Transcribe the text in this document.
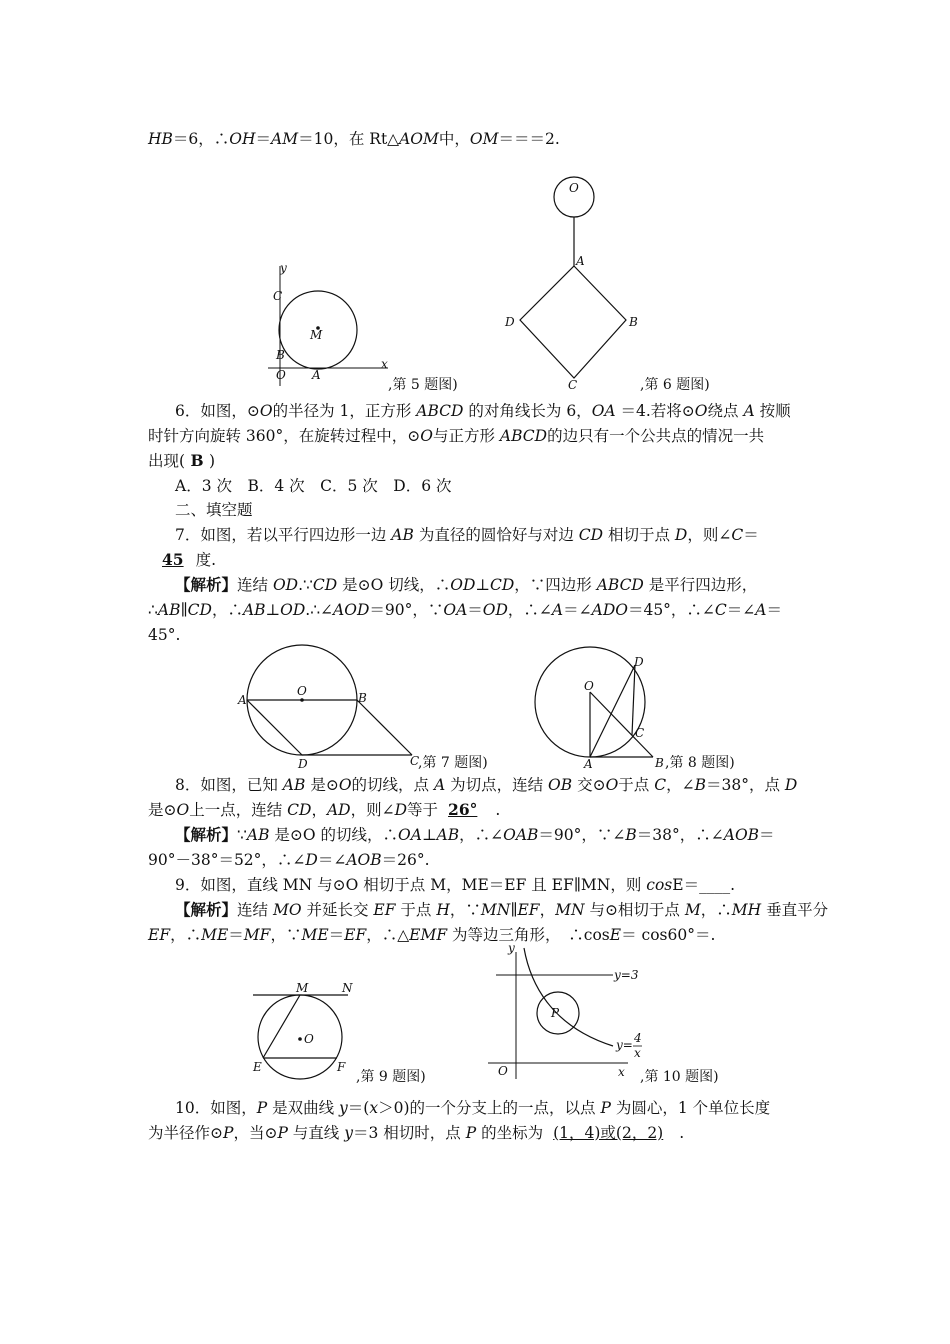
HB＝6，∴OH＝AM＝10，在 Rt△AOM中，OM＝＝＝2.
y
x
C
M
B
O A
,第 5 题图)
O
A
B
C
D
,第 6 题图)
6．如图，⊙O的半径为 1，正方形 ABCD 的对角线长为 6，OA ＝4.若将⊙O绕点 A 按顺
时针方向旋转 360°，在旋转过程中，⊙O与正方形 ABCD的边只有一个公共点的情况一共
出现( B )
A．3 次　B．4 次　C．5 次　D．6 次
二、填空题
7．如图，若以平行四边形一边 AB 为直径的圆恰好与对边 CD 相切于点 D，则∠C＝
45 度.
【解析】连结 OD.∵CD 是⊙O 切线，∴OD⊥CD，∵四边形 ABCD 是平行四边形，
∴AB∥CD，∴AB⊥OD.∴∠AOD＝90°，∵OA＝OD，∴∠A＝∠ADO＝45°，∴∠C＝∠A＝
45°.
A
O	B
D	C
,第 7 题图)
O
D
C
A	B ,第 8 题图)
8．如图，已知 AB 是⊙O的切线，点 A 为切点，连结 OB 交⊙O于点 C，∠B＝38°，点 D
是⊙O上一点，连结 CD，AD，则∠D等于 26° .
【解析】∵AB 是⊙O 的切线，∴OA⊥AB，∴∠OAB＝90°，∵∠B＝38°，∴∠AOB＝
90°－38°＝52°，∴∠D＝∠AOB＝26°.
9．如图，直线 MN 与⊙O 相切于点 M，ME＝EF 且 EF∥MN，则 cosE＝____.
【解析】连结 MO 并延长交 EF 于点 H，∵MN∥EF，MN 与⊙相切于点 M，∴MH 垂直平分
EF，∴ME＝MF，∵ME＝EF，∴△EMF 为等边三角形，　∴cosE＝ cos60°＝.
M	N
O
E	F
,第 9 题图)
y
x
O
P
y=3
y= 4
x
,第 10 题图)
10．如图，P 是双曲线 y＝(x＞0)的一个分支上的一点，以点 P 为圆心，1 个单位长度
为半径作⊙P，当⊙P 与直线 y＝3 相切时，点 P 的坐标为 (1，4)或(2，2) .
